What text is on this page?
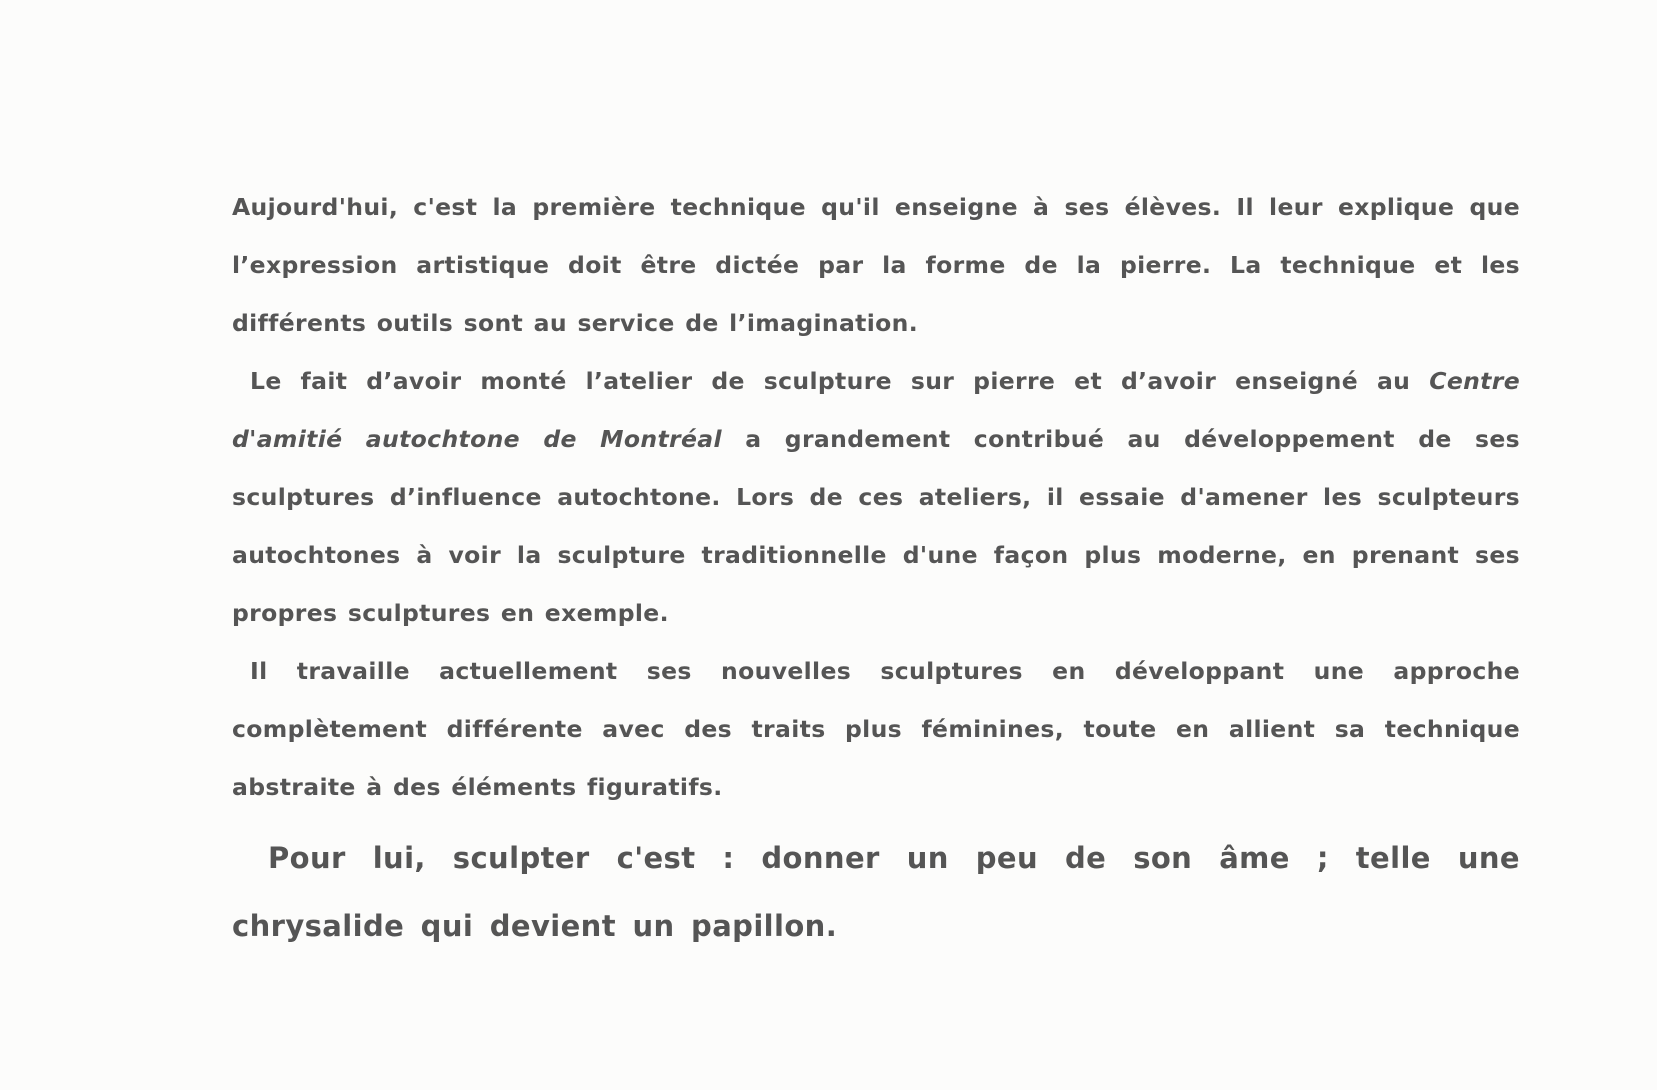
Aujourd'hui, c'est la première technique qu'il enseigne à ses élèves. Il leur explique que l’expression artistique doit être dictée par la forme de la pierre. La technique et les différents outils sont au service de l’imagination.

Le fait d’avoir monté l’atelier de sculpture sur pierre et d’avoir enseigné au Centre d'amitié autochtone de Montréal a grandement contribué au développement de ses sculptures d’influence autochtone. Lors de ces ateliers, il essaie d'amener les sculpteurs autochtones à voir la sculpture traditionnelle d'une façon plus moderne, en prenant ses propres sculptures en exemple.

Il travaille actuellement ses nouvelles sculptures en développant une approche complètement différente avec des traits plus féminines, toute en allient sa technique abstraite à des éléments figuratifs.

Pour lui, sculpter c'est : donner un peu de son âme ; telle une chrysalide qui devient un papillon.
